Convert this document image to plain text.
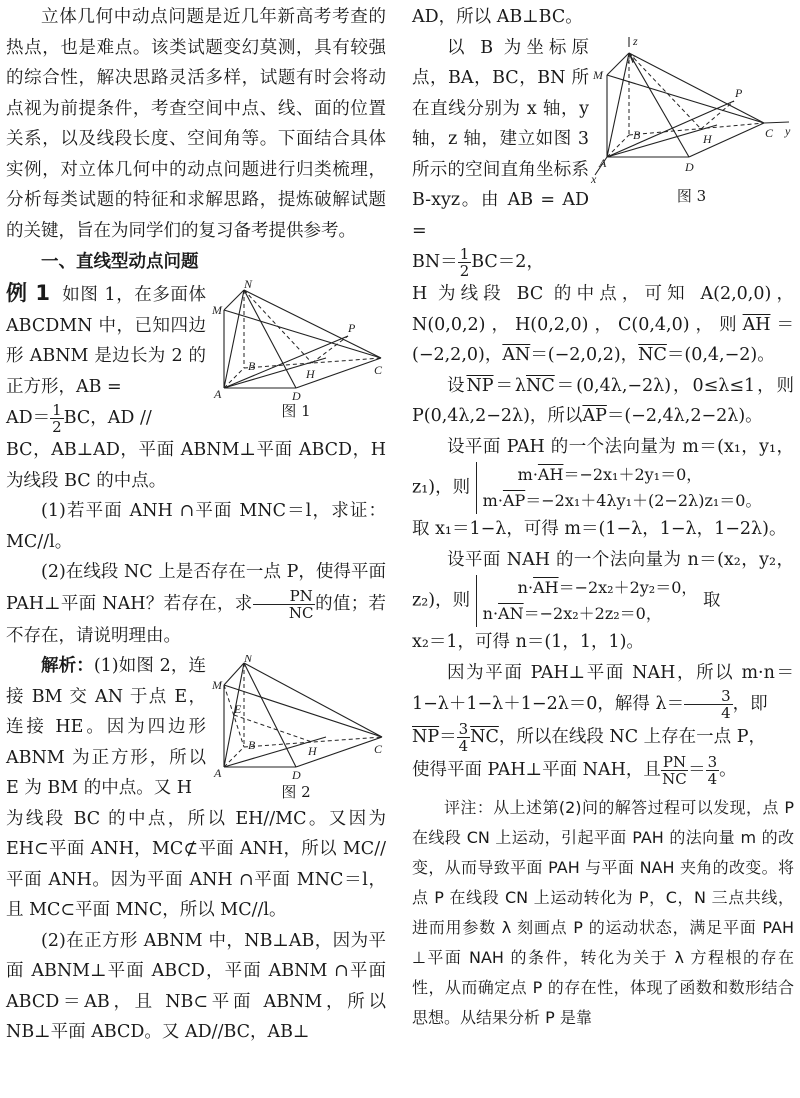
立体几何中动点问题是近几年新高考考查的热点，也是难点。该类试题变幻莫测，具有较强的综合性，解决思路灵活多样，试题有时会将动点视为前提条件，考查空间中点、线、面的位置关系，以及线段长度、空间角等。下面结合具体实例，对立体几何中的动点问题进行归类梳理，分析每类试题的特征和求解思路，提炼破解试题的关键，旨在为同学们的复习备考提供参考。

一、直线型动点问题

N
M
B
A	D
C
H
P
图 1

例 1 如图 1，在多面体 ABCDMN 中，已知四边形 ABNM 是边长为 2 的正方形，AB =

$AD= \frac{1}{2}$ BC，AD //

BC，AB⊥AD，平面 ABNM⊥平面 ABCD，H 为线段 BC 的中点。

(1)若平面 ANH ∩平面 MNC＝l，求证：MC//l。

(2)在线段 NC 上是否存在一点 P，使得平面 PAH⊥平面 NAH？若存在，求 $\frac{PN}{NC}$ 的值；若不存在，请说明理由。

N
M
E
B
A	D
C
H
图 2

解析：(1)如图 2，连接 BM 交 AN 于点 E，连接 HE。因为四边形 ABNM 为正方形，所以 E 为 BM 的中点。又 H

为线段 BC 的中点，所以 EH//MC。又因为 EH⊂平面 ANH，MC⊄平面 ANH，所以 MC//平面 ANH。因为平面 ANH ∩平面 MNC＝l，且 MC⊂平面 MNC，所以 MC//l。

(2)在正方形 ABNM 中，NB⊥AB，因为平面 ABNM⊥平面 ABCD，平面 ABNM ∩平面 ABCD＝AB，且 NB⊂平面 ABNM，所以 NB⊥平面 ABCD。又 AD//BC，AB⊥

AD，所以 AB⊥BC。

z
N
M
B
A
x
D
C y
H
P
图 3

以 B 为坐标原点，BA，BC，BN 所在直线分别为 x 轴，y 轴，z 轴，建立如图 3 所示的空间直角坐标系 B-xyz。由 AB = AD =

$BN= \frac{1}{2} BC=2$，

H 为线段 BC 的中点，可知 A(2,0,0)，N(0,0,2)，H(0,2,0)，C(0,4,0)，则$\overline{AH}=(-2,2,0)$，$\overline{AN}=(-2,0,2)$，$\overline{NC}=(0,4,-2)$。

设$\overline{NP}=\lambda\overline{NC}=(0,4\lambda,-2\lambda)$，0≤λ≤1，则 P(0,4λ,2−2λ)，所以$\overline{AP}=(-2,4\lambda,2-2\lambda)$。

设平面 PAH 的一个法向量为 m＝(x₁，y₁，z₁)，则 $m\cdot\overline{AH}=-2x_1+2y_1=0$，
$m\cdot\overline{AP}=-2x_1+4\lambda y_1+(2-2\lambda)z_1=0$。

取 x₁＝1−λ，可得 m＝(1−λ，1−λ，1−2λ)。

设平面 NAH 的一个法向量为 n＝(x₂，y₂，z₂)，则 $n\cdot\overline{AH}=-2x_2+2y_2=0$，
$n\cdot\overline{AN}=-2x_2+2z_2=0$， 取

x₂＝1，可得 n＝(1，1，1)。

因为平面 PAH⊥平面 NAH，所以 m·n＝1−λ＋1−λ＋1−2λ＝0，解得 $\lambda= \frac{3}{4}$ ，即

$\overline{NP}= \frac{3}{4} \overline{NC}$，所以在线段 NC 上存在一点 P，

使得平面 PAH⊥平面 NAH，且 $\frac{PN}{NC} = \frac{3}{4}$ 。

评注：从上述第(2)问的解答过程可以发现，点 P 在线段 CN 上运动，引起平面 PAH 的法向量 m 的改变，从而导致平面 PAH 与平面 NAH 夹角的改变。将点 P 在线段 CN 上运动转化为 P，C，N 三点共线，进而用参数 λ 刻画点 P 的运动状态，满足平面 PAH ⊥平面 NAH 的条件，转化为关于 λ 方程根的存在性，从而确定点 P 的存在性，体现了函数和数形结合思想。从结果分析 P 是靠
